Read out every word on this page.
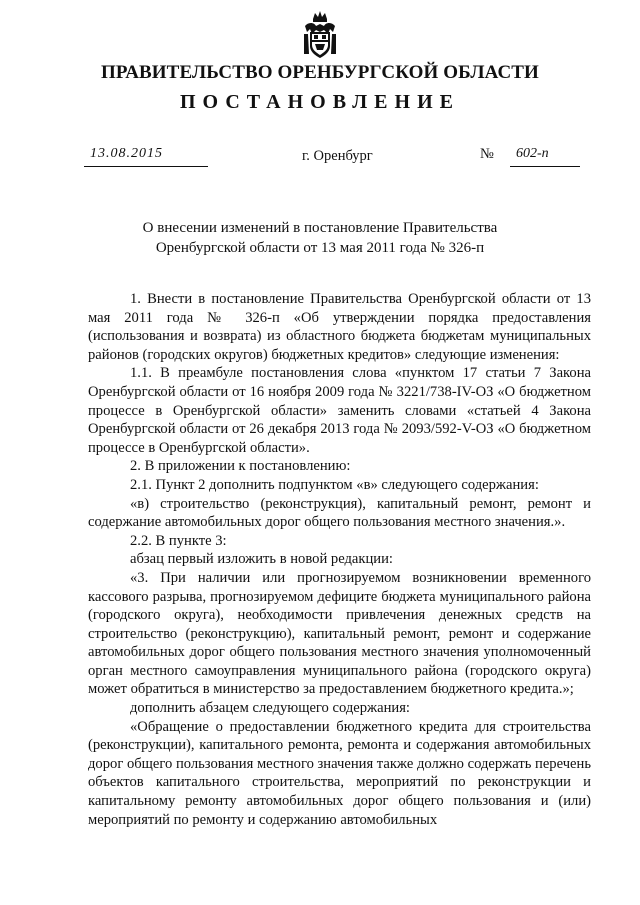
ПРАВИТЕЛЬСТВО ОРЕНБУРГСКОЙ ОБЛАСТИ
ПОСТАНОВЛЕНИЕ
13.08.2015	г. Оренбург	№	602-п
О внесении изменений в постановление Правительства
Оренбургской области от 13 мая 2011 года № 326-п

1. Внести в постановление Правительства Оренбургской области от 13 мая 2011 года № 326-п «Об утверждении порядка предоставления (использования и возврата) из областного бюджета бюджетам муниципальных районов (городских округов) бюджетных кредитов» следующие изменения:

1.1. В преамбуле постановления слова «пунктом 17 статьи 7 Закона Оренбургской области от 16 ноября 2009 года № 3221/738-IV-ОЗ «О бюджетном процессе в Оренбургской области» заменить словами «статьей 4 Закона Оренбургской области от 26 декабря 2013 года № 2093/592-V-ОЗ «О бюджетном процессе в Оренбургской области».

2. В приложении к постановлению:

2.1. Пункт 2 дополнить подпунктом «в» следующего содержания:

«в) строительство (реконструкция), капитальный ремонт, ремонт и содержание автомобильных дорог общего пользования местного значения.».

2.2. В пункте 3:

абзац первый изложить в новой редакции:

«3. При наличии или прогнозируемом возникновении временного кассового разрыва, прогнозируемом дефиците бюджета муниципального района (городского округа), необходимости привлечения денежных средств на строительство (реконструкцию), капитальный ремонт, ремонт и содержание автомобильных дорог общего пользования местного значения уполномоченный орган местного самоуправления муниципального района (городского округа) может обратиться в министерство за предоставлением бюджетного кредита.»;

дополнить абзацем следующего содержания:

«Обращение о предоставлении бюджетного кредита для строительства (реконструкции), капитального ремонта, ремонта и содержания автомобильных дорог общего пользования местного значения также должно содержать перечень объектов капитального строительства, мероприятий по реконструкции и капитальному ремонту автомобильных дорог общего пользования и (или) мероприятий по ремонту и содержанию автомобильных
